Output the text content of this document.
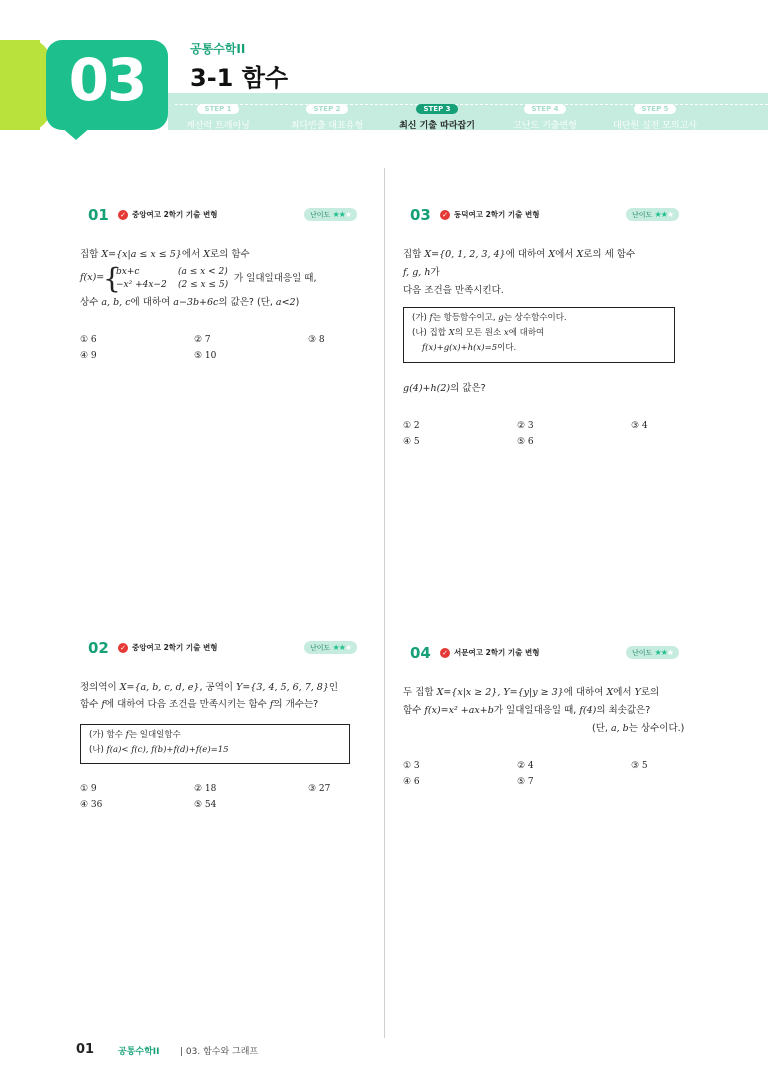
03	공통수학II
3-1 함수
STEP 1
계산력 트레이닝
STEP 2
최다빈출 대표유형
STEP 3
최신 기출 따라잡기
STEP 4
고난도 기출변형
STEP 5
대단원 실전 모의고사
01 ✓ 중앙여고 2학기 기출 변형	난이도 ★★★
집합 X={x|a ≤ x ≤ 5}에서 X로의 함수
f(x)=
{
bx+c	(a ≤ x < 2)
−x² +4x−2 (2 ≤ x ≤ 5)
가 일대일대응일 때,
상수 a, b, c에 대하여 a−3b+6c의 값은? (단, a<2)
① 6	② 7	③ 8
④ 9	⑤ 10
03 ✓ 동덕여고 2학기 기출 변형	난이도 ★★★
집합 X={0, 1, 2, 3, 4}에 대하여 X에서 X로의 세 함수
f, g, h가
다음 조건을 만족시킨다.
(가) f는 항등함수이고, g는 상수함수이다.
(나) 집합 X의 모든 원소 x에 대하여
f(x)+g(x)+h(x)=5이다.
g(4)+h(2)의 값은?
① 2	② 3	③ 4
④ 5	⑤ 6
02 ✓ 중앙여고 2학기 기출 변형	난이도 ★★★
정의역이 X={a, b, c, d, e}, 공역이 Y={3, 4, 5, 6, 7, 8}인
함수 f에 대하여 다음 조건을 만족시키는 함수 f의 개수는?
(가) 함수 f는 일대일함수
(나) f(a)< f(c), f(b)+f(d)+f(e)=15
① 9	② 18	③ 27
④ 36	⑤ 54
04 ✓ 서문여고 2학기 기출 변형	난이도 ★★★
두 집합 X={x|x ≥ 2}, Y={y|y ≥ 3}에 대하여 X에서 Y로의
함수 f(x)=x² +ax+b가 일대일대응일 때, f(4)의 최솟값은?
(단, a, b는 상수이다.)
① 3	② 4	③ 5
④ 6	⑤ 7
01	공통수학II | 03. 함수와 그래프
